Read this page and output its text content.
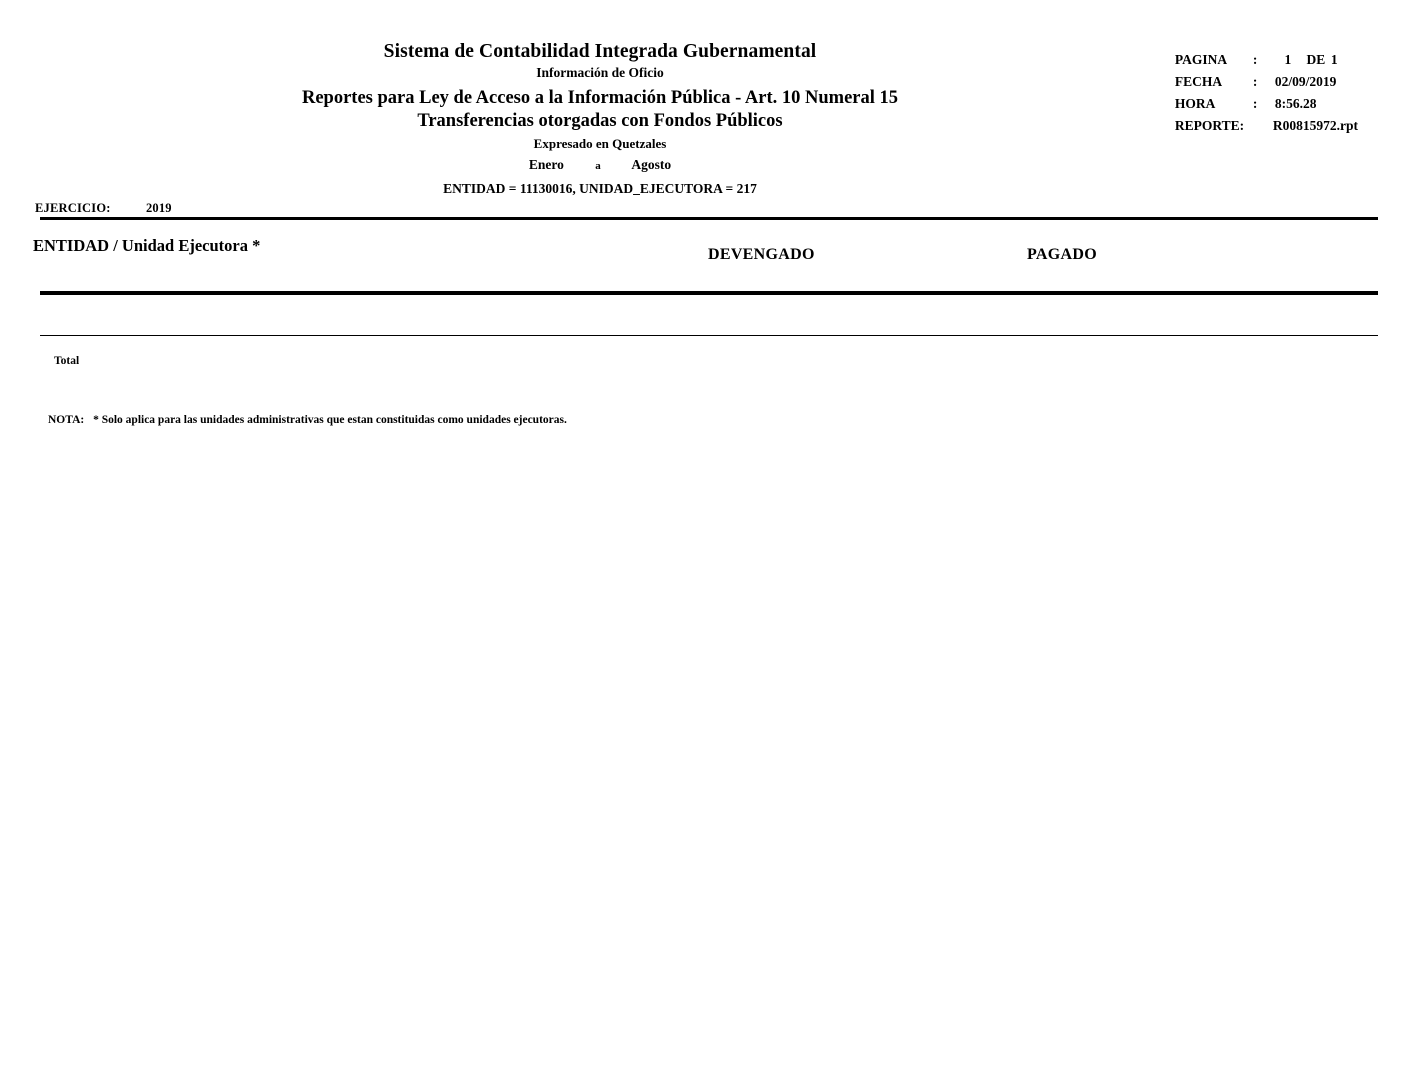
Sistema de Contabilidad Integrada Gubernamental
Información de Oficio
Reportes para Ley de Acceso a la Información Pública - Art. 10 Numeral 15
Transferencias otorgadas con Fondos Públicos
Expresado en Quetzales
Enero	a Agosto
ENTIDAD = 11130016, UNIDAD_EJECUTORA = 217
PAGINA	:	1	DE 1
FECHA	:	02/09/2019
HORA	:	8:56.28
REPORTE:	R00815972.rpt
EJERCICIO:	2019
ENTIDAD / Unidad Ejecutora *	DEVENGADO	PAGADO
Total
NOTA: * Solo aplica para las unidades administrativas que estan constituidas como unidades ejecutoras.
